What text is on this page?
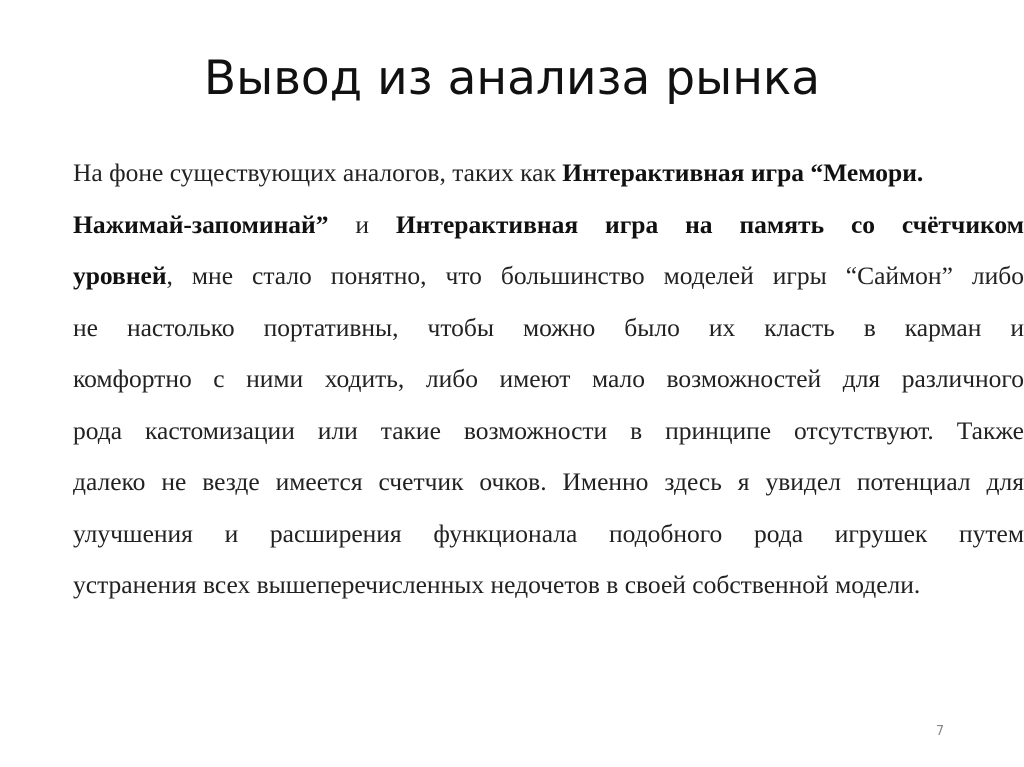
Вывод из анализа рынка
На фоне существующих аналогов, таких как Интерактивная игра “Мемори.
Нажимай-запоминай” и Интерактивная игра на память со счётчиком
уровней, мне стало понятно, что большинство моделей игры “Саймон” либо
не настолько портативны, чтобы можно было их класть в карман и
комфортно с ними ходить, либо имеют мало возможностей для различного
рода кастомизации или такие возможности в принципе отсутствуют. Также
далеко не везде имеется счетчик очков. Именно здесь я увидел потенциал для
улучшения и расширения функционала подобного рода игрушек путем
устранения всех вышеперечисленных недочетов в своей собственной модели.
7
